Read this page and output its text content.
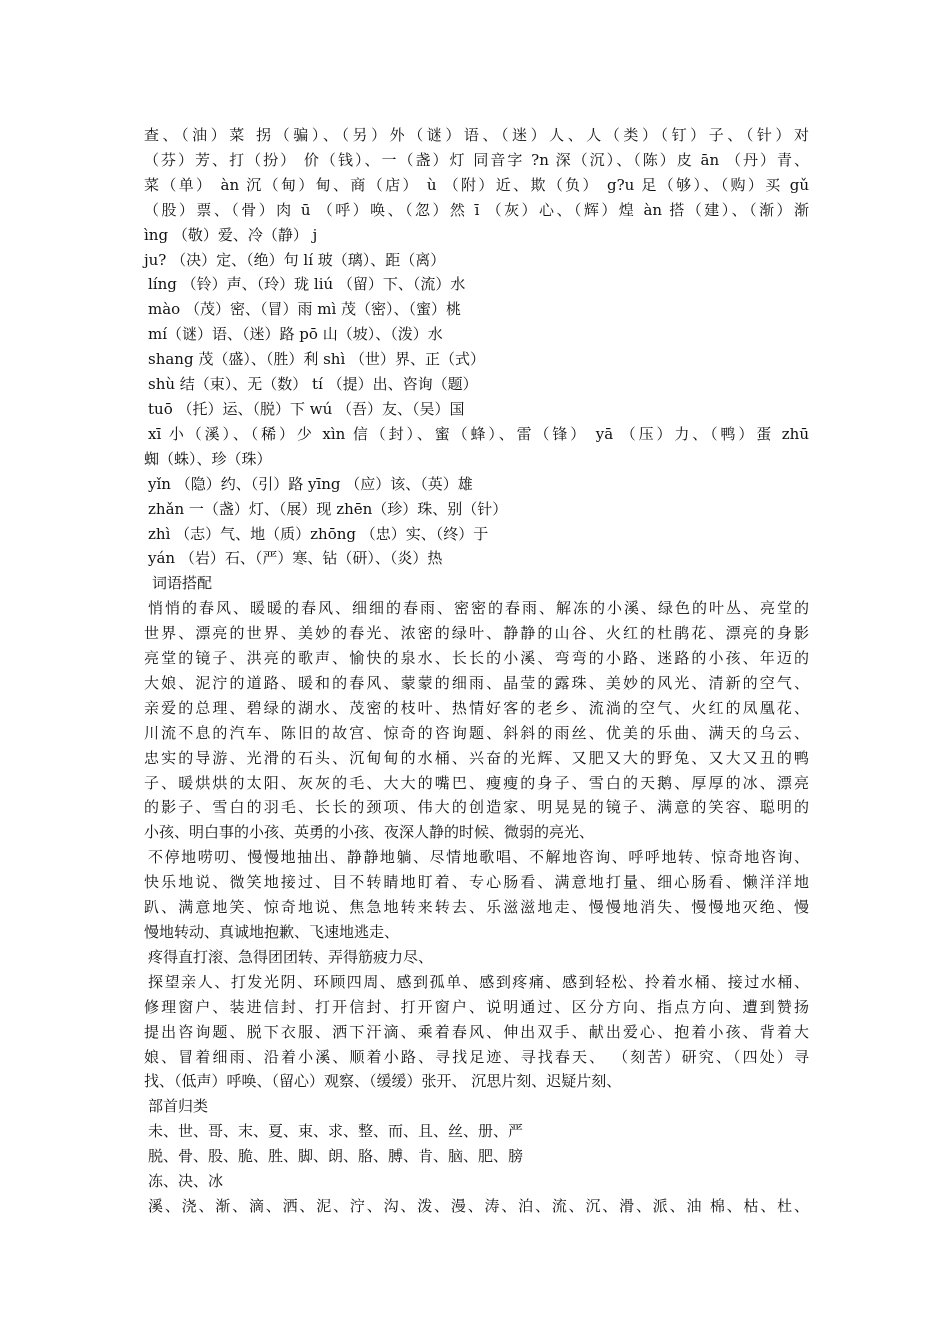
查、（油）菜 拐（骗）、（另）外（谜）语、（迷）人、人（类）（钉）子、（针）对
（芬）芳、打（扮） 价（钱）、一（盏）灯 同音字 ?n 深（沉）、（陈）皮 ān （丹）青、
菜（单） àn 沉（甸）甸、商（店） ù （附）近、欺（负） g?u 足（够）、（购）买 gǔ
（股）票、（骨）肉 ū （呼）唤、（忽）然 ī （灰）心、（辉）煌 àn 搭（建）、（渐）渐
ìng （敬）爱、冷（静） j
ju? （决）定、（绝）句 lí 玻（璃）、距（离）
líng （铃）声、（玲）珑 liú （留）下、（流）水
mào （茂）密、（冒）雨 mì 茂（密）、（蜜）桃
mí（谜）语、（迷）路 pō 山（坡）、（泼）水
shang 茂（盛）、（胜）利 shì （世）界、正（式）
shù 结（束）、无（数） tí （提）出、咨询（题）
tuō （托）运、（脱）下 wú （吾）友、（吴）国
xī 小（溪）、（稀）少 xìn 信（封）、蜜（蜂）、雷（锋） yā （压）力、（鸭）蛋 zhū
蜘（蛛）、珍（珠）
yǐn （隐）约、（引）路 yīng （应）该、（英）雄
zhǎn 一（盏）灯、（展）现 zhēn（珍）珠、别（针）
zhì （志）气、地（质）zhōng （忠）实、（终）于
yán （岩）石、（严）寒、钻（研）、（炎）热
词语搭配
悄悄的春风、暖暖的春风、细细的春雨、密密的春雨、解冻的小溪、绿色的叶丛、亮堂的
世界、漂亮的世界、美妙的春光、浓密的绿叶、静静的山谷、火红的杜鹃花、漂亮的身影
亮堂的镜子、洪亮的歌声、愉快的泉水、长长的小溪、弯弯的小路、迷路的小孩、年迈的
大娘、泥泞的道路、暖和的春风、蒙蒙的细雨、晶莹的露珠、美妙的风光、清新的空气、
亲爱的总理、碧绿的湖水、茂密的枝叶、热情好客的老乡、流淌的空气、火红的凤凰花、
川流不息的汽车、陈旧的故宫、惊奇的咨询题、斜斜的雨丝、优美的乐曲、满天的乌云、
忠实的导游、光滑的石头、沉甸甸的水桶、兴奋的光辉、又肥又大的野兔、又大又丑的鸭
子、暖烘烘的太阳、灰灰的毛、大大的嘴巴、瘦瘦的身子、雪白的天鹅、厚厚的冰、漂亮
的影子、雪白的羽毛、长长的颈项、伟大的创造家、明晃晃的镜子、满意的笑容、聪明的
小孩、明白事的小孩、英勇的小孩、夜深人静的时候、微弱的亮光、
不停地唠叨、慢慢地抽出、静静地躺、尽情地歌唱、不解地咨询、呼呼地转、惊奇地咨询、
快乐地说、微笑地接过、目不转睛地盯着、专心肠看、满意地打量、细心肠看、懒洋洋地
趴、满意地笑、惊奇地说、焦急地转来转去、乐滋滋地走、慢慢地消失、慢慢地灭绝、慢
慢地转动、真诚地抱歉、飞速地逃走、
疼得直打滚、急得团团转、弄得筋疲力尽、
探望亲人、打发光阴、环顾四周、感到孤单、感到疼痛、感到轻松、拎着水桶、接过水桶、
修理窗户、装进信封、打开信封、打开窗户、说明通过、区分方向、指点方向、遭到赞扬
提出咨询题、脱下衣服、洒下汗滴、乘着春风、伸出双手、献出爱心、抱着小孩、背着大
娘、冒着细雨、沿着小溪、顺着小路、寻找足迹、寻找春天、 （刻苦）研究、（四处）寻
找、（低声）呼唤、（留心）观察、（缓缓）张开、 沉思片刻、迟疑片刻、
部首归类
未、世、哥、末、夏、束、求、整、而、且、丝、册、严
脱、骨、股、脆、胜、脚、朗、胳、膊、肯、脑、肥、膀
冻、决、冰
溪、浇、渐、滴、洒、泥、泞、沟、泼、漫、涛、泊、流、沉、滑、派、油 棉、枯、杜、
